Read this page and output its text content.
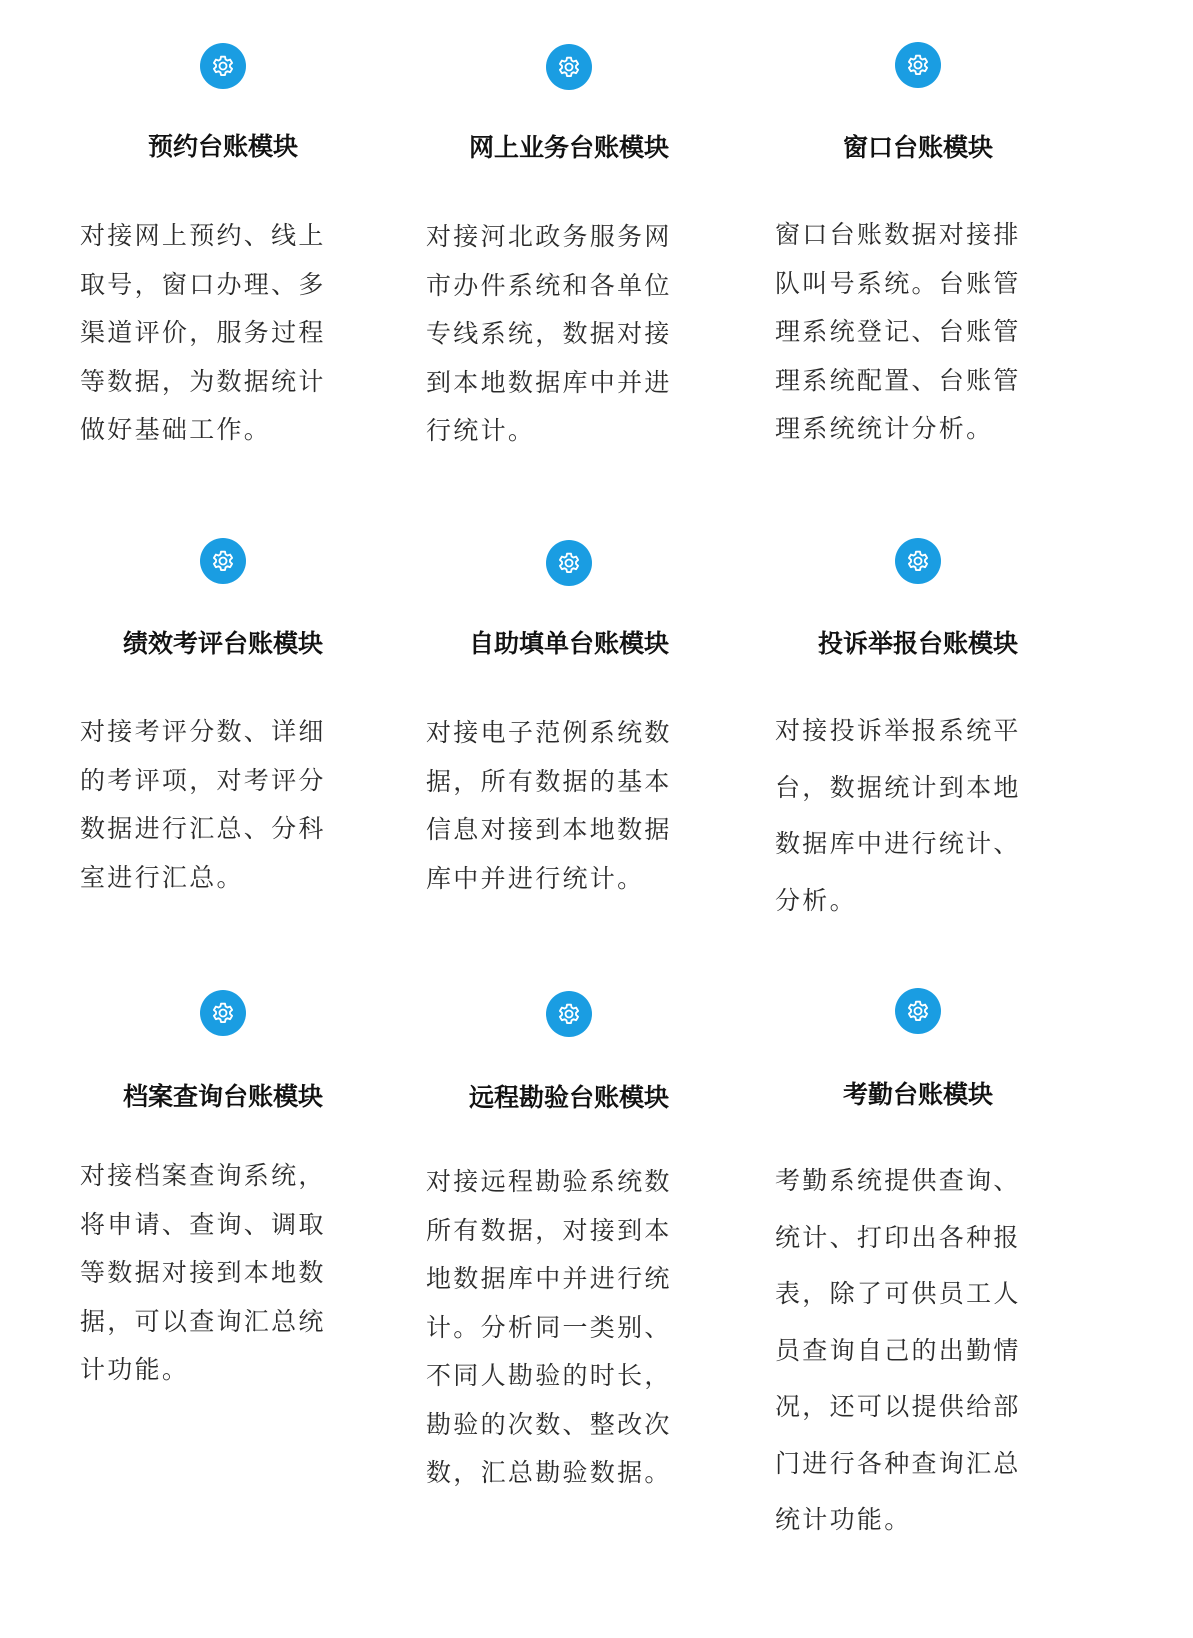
预约台账模块

对接网上预约、线上取号，窗口办理、多渠道评价，服务过程等数据，为数据统计做好基础工作。

网上业务台账模块

对接河北政务服务网市办件系统和各单位专线系统，数据对接到本地数据库中并进行统计。

窗口台账模块

窗口台账数据对接排队叫号系统。台账管理系统登记、台账管理系统配置、台账管理系统统计分析。

绩效考评台账模块

对接考评分数、详细的考评项，对考评分数据进行汇总、分科室进行汇总。

自助填单台账模块

对接电子范例系统数据，所有数据的基本信息对接到本地数据库中并进行统计。

投诉举报台账模块

对接投诉举报系统平台，数据统计到本地数据库中进行统计、分析。

档案查询台账模块

对接档案查询系统，将申请、查询、调取等数据对接到本地数据，可以查询汇总统计功能。

远程勘验台账模块

对接远程勘验系统数所有数据，对接到本地数据库中并进行统计。分析同一类别、不同人勘验的时长，勘验的次数、整改次数，汇总勘验数据。

考勤台账模块

考勤系统提供查询、统计、打印出各种报表，除了可供员工人员查询自己的出勤情况，还可以提供给部门进行各种查询汇总统计功能。
